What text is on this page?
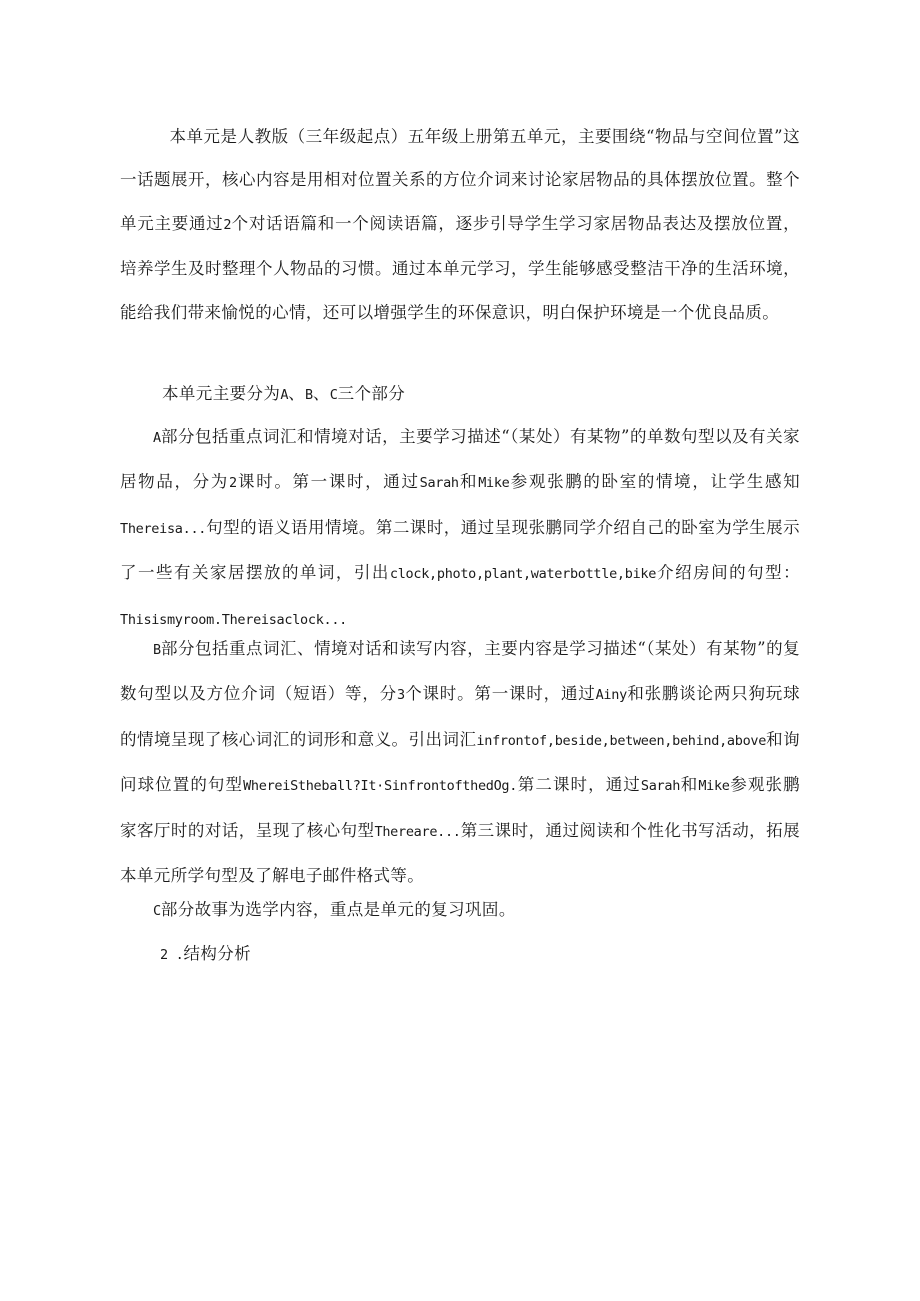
本单元是人教版（三年级起点）五年级上册第五单元，主要围绕“物品与空间位置”这一话题展开，核心内容是用相对位置关系的方位介词来讨论家居物品的具体摆放位置。整个单元主要通过2个对话语篇和一个阅读语篇，逐步引导学生学习家居物品表达及摆放位置，培养学生及时整理个人物品的习惯。通过本单元学习，学生能够感受整洁干净的生活环境，能给我们带来愉悦的心情，还可以增强学生的环保意识，明白保护环境是一个优良品质。

本单元主要分为A、B、C三个部分

A部分包括重点词汇和情境对话，主要学习描述“（某处）有某物”的单数句型以及有关家居物品，分为2课时。第一课时，通过Sarah和Mike参观张鹏的卧室的情境，让学生感知Thereisa...句型的语义语用情境。第二课时，通过呈现张鹏同学介绍自己的卧室为学生展示了一些有关家居摆放的单词，引出clock,photo,plant,waterbottle,bike介绍房间的句型：Thisismyroom.Thereisaclock...

B部分包括重点词汇、情境对话和读写内容，主要内容是学习描述“（某处）有某物”的复数句型以及方位介词（短语）等，分3个课时。第一课时，通过Ainy和张鹏谈论两只狗玩球的情境呈现了核心词汇的词形和意义。引出词汇infrontof,beside,between,behind,above和询问球位置的句型WhereiStheball?It·SinfrontofthedOg.第二课时，通过Sarah和Mike参观张鹏家客厅时的对话，呈现了核心句型Thereare...第三课时，通过阅读和个性化书写活动，拓展本单元所学句型及了解电子邮件格式等。

C部分故事为选学内容，重点是单元的复习巩固。

2 .结构分析
